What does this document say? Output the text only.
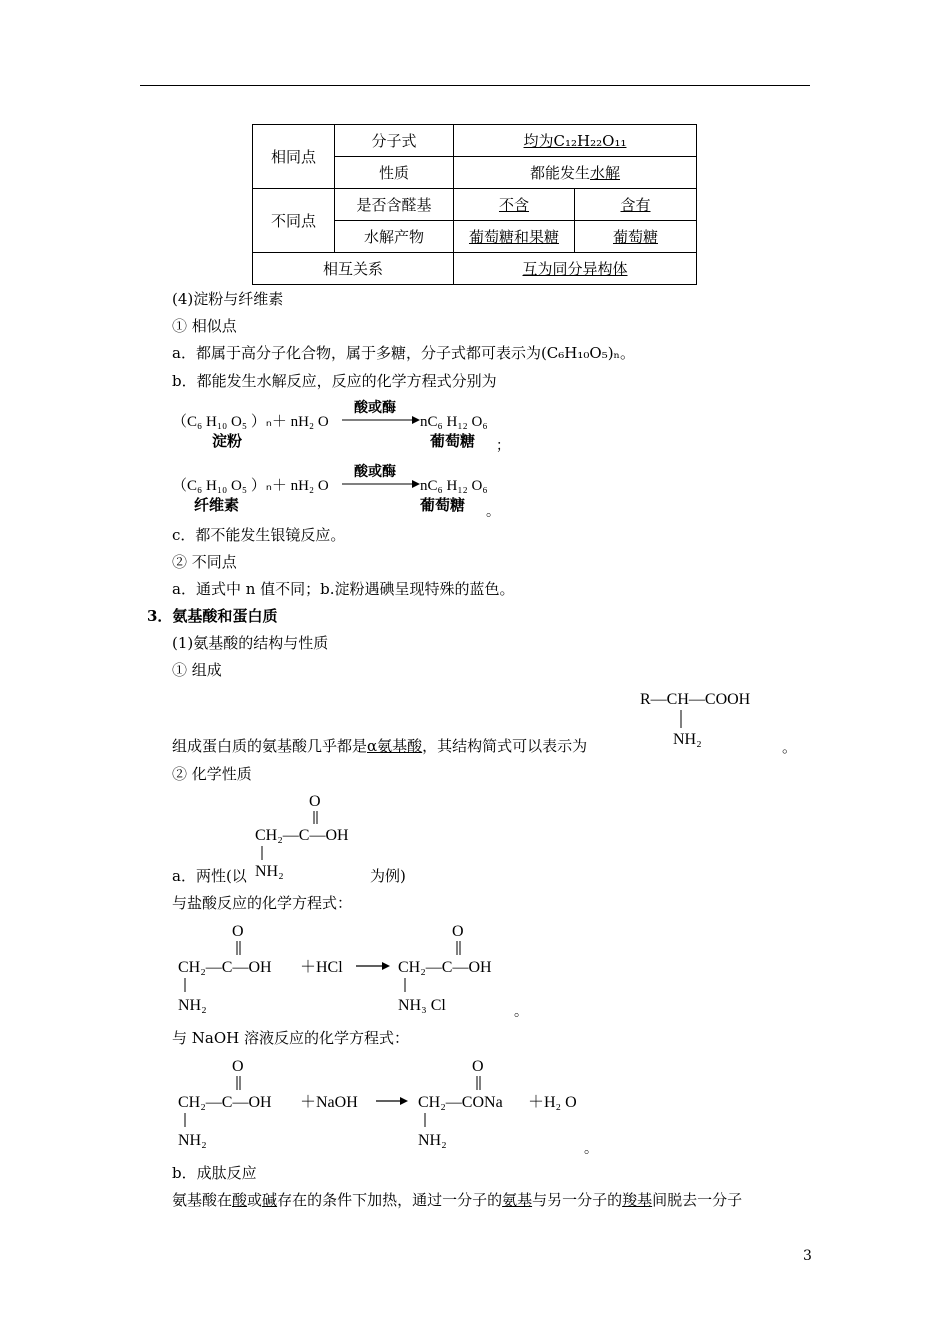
相同点	分子式	均为C₁₂H₂₂O₁₁	
	性质	都能发生水解	
不同点	是否含醛基	不含	含有
	水解产物	葡萄糖和果糖	葡萄糖
相互关系		互为同分异构体	
(4)淀粉与纤维素
① 相似点
a．都属于高分子化合物，属于多糖，分子式都可表示为(C₆H₁₀O₅)ₙ。
b．都能发生水解反应，反应的化学方程式分别为
（C₆ H₁₀ O₅ ）ₙ＋ nH₂ O
酸或酶
nC₆ H₁₂ O₆
淀粉	葡萄糖 ；
（C₆ H₁₀ O₅ ）ₙ＋ nH₂ O
酸或酶
nC₆ H₁₂ O₆
纤维素	葡萄糖 。
c．都不能发生银镜反应。
② 不同点
a．通式中 n 值不同；b.淀粉遇碘呈现特殊的蓝色。
3．氨基酸和蛋白质
(1)氨基酸的结构与性质
① 组成
R—CH—COOH
NH₂
组成蛋白质的氨基酸几乎都是α氨基酸，其结构简式可以表示为	。
② 化学性质
O
CH₂—C—OH
NH₂
a．两性(以	为例)
与盐酸反应的化学方程式：
O
CH₂—C—OH
NH₂
＋HCl
O
CH₂—C—OH
NH₃ Cl	。
与 NaOH 溶液反应的化学方程式：
O
CH₂—C—OH
NH₂
＋NaOH
O
CH₂—CONa
NH₂
＋H₂ O
。
b．成肽反应
氨基酸在酸或碱存在的条件下加热，通过一分子的氨基与另一分子的羧基间脱去一分子
3
